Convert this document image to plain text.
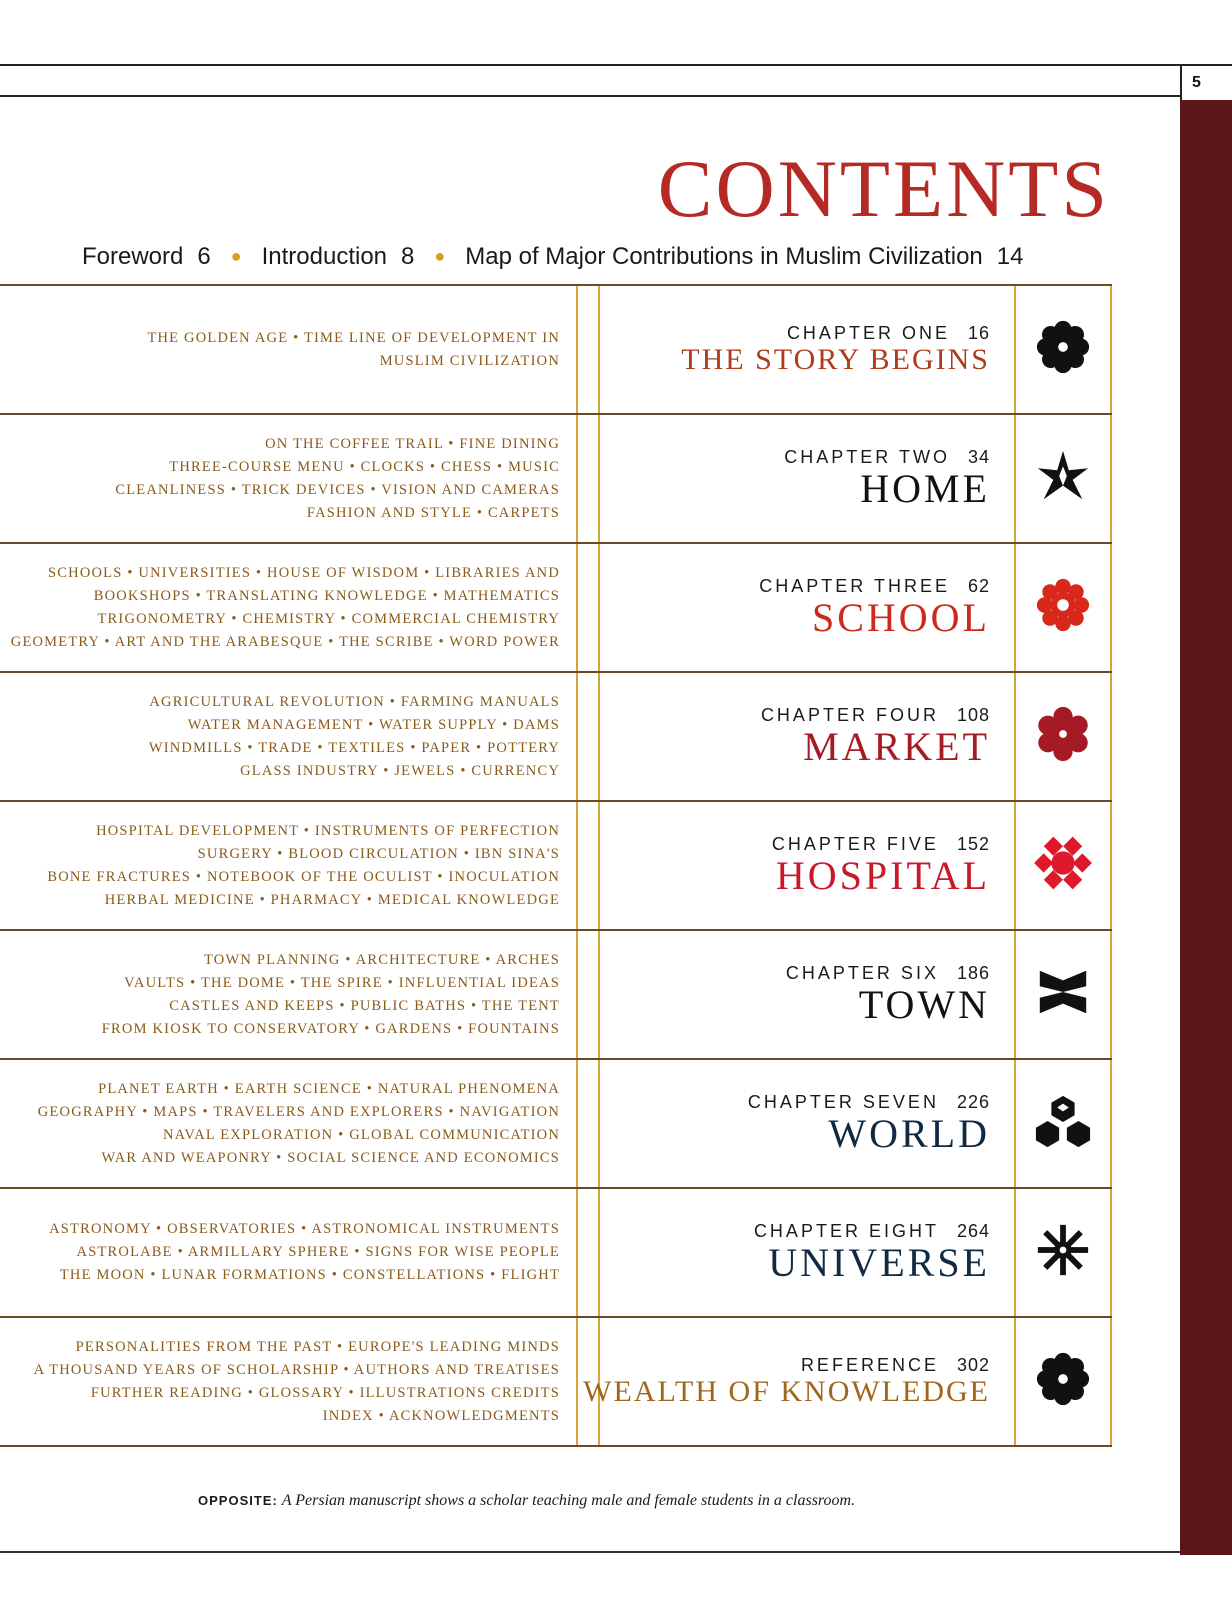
5
CONTENTS
Foreword 6 ● Introduction 8 ● Map of Major Contributions in Muslim Civilization 14
THE GOLDEN AGE • TIME LINE OF DEVELOPMENT IN
MUSLIM CIVILIZATION
CHAPTER ONE 16
THE STORY BEGINS
ON THE COFFEE TRAIL • FINE DINING
THREE-COURSE MENU • CLOCKS • CHESS • MUSIC
CLEANLINESS • TRICK DEVICES • VISION AND CAMERAS
FASHION AND STYLE • CARPETS
CHAPTER TWO 34
HOME
SCHOOLS • UNIVERSITIES • HOUSE OF WISDOM • LIBRARIES AND
BOOKSHOPS • TRANSLATING KNOWLEDGE • MATHEMATICS
TRIGONOMETRY • CHEMISTRY • COMMERCIAL CHEMISTRY
GEOMETRY • ART AND THE ARABESQUE • THE SCRIBE • WORD POWER
CHAPTER THREE 62
SCHOOL
AGRICULTURAL REVOLUTION • FARMING MANUALS
WATER MANAGEMENT • WATER SUPPLY • DAMS
WINDMILLS • TRADE • TEXTILES • PAPER • POTTERY
GLASS INDUSTRY • JEWELS • CURRENCY
CHAPTER FOUR 108
MARKET
HOSPITAL DEVELOPMENT • INSTRUMENTS OF PERFECTION
SURGERY • BLOOD CIRCULATION • IBN SINA'S
BONE FRACTURES • NOTEBOOK OF THE OCULIST • INOCULATION
HERBAL MEDICINE • PHARMACY • MEDICAL KNOWLEDGE
CHAPTER FIVE 152
HOSPITAL
TOWN PLANNING • ARCHITECTURE • ARCHES
VAULTS • THE DOME • THE SPIRE • INFLUENTIAL IDEAS
CASTLES AND KEEPS • PUBLIC BATHS • THE TENT
FROM KIOSK TO CONSERVATORY • GARDENS • FOUNTAINS
CHAPTER SIX 186
TOWN
PLANET EARTH • EARTH SCIENCE • NATURAL PHENOMENA
GEOGRAPHY • MAPS • TRAVELERS AND EXPLORERS • NAVIGATION
NAVAL EXPLORATION • GLOBAL COMMUNICATION
WAR AND WEAPONRY • SOCIAL SCIENCE AND ECONOMICS
CHAPTER SEVEN 226
WORLD
ASTRONOMY • OBSERVATORIES • ASTRONOMICAL INSTRUMENTS
ASTROLABE • ARMILLARY SPHERE • SIGNS FOR WISE PEOPLE
THE MOON • LUNAR FORMATIONS • CONSTELLATIONS • FLIGHT
CHAPTER EIGHT 264
UNIVERSE
PERSONALITIES FROM THE PAST • EUROPE'S LEADING MINDS
A THOUSAND YEARS OF SCHOLARSHIP • AUTHORS AND TREATISES
FURTHER READING • GLOSSARY • ILLUSTRATIONS CREDITS
INDEX • ACKNOWLEDGMENTS
REFERENCE 302
WEALTH OF KNOWLEDGE
OPPOSITE: A Persian manuscript shows a scholar teaching male and female students in a classroom.
